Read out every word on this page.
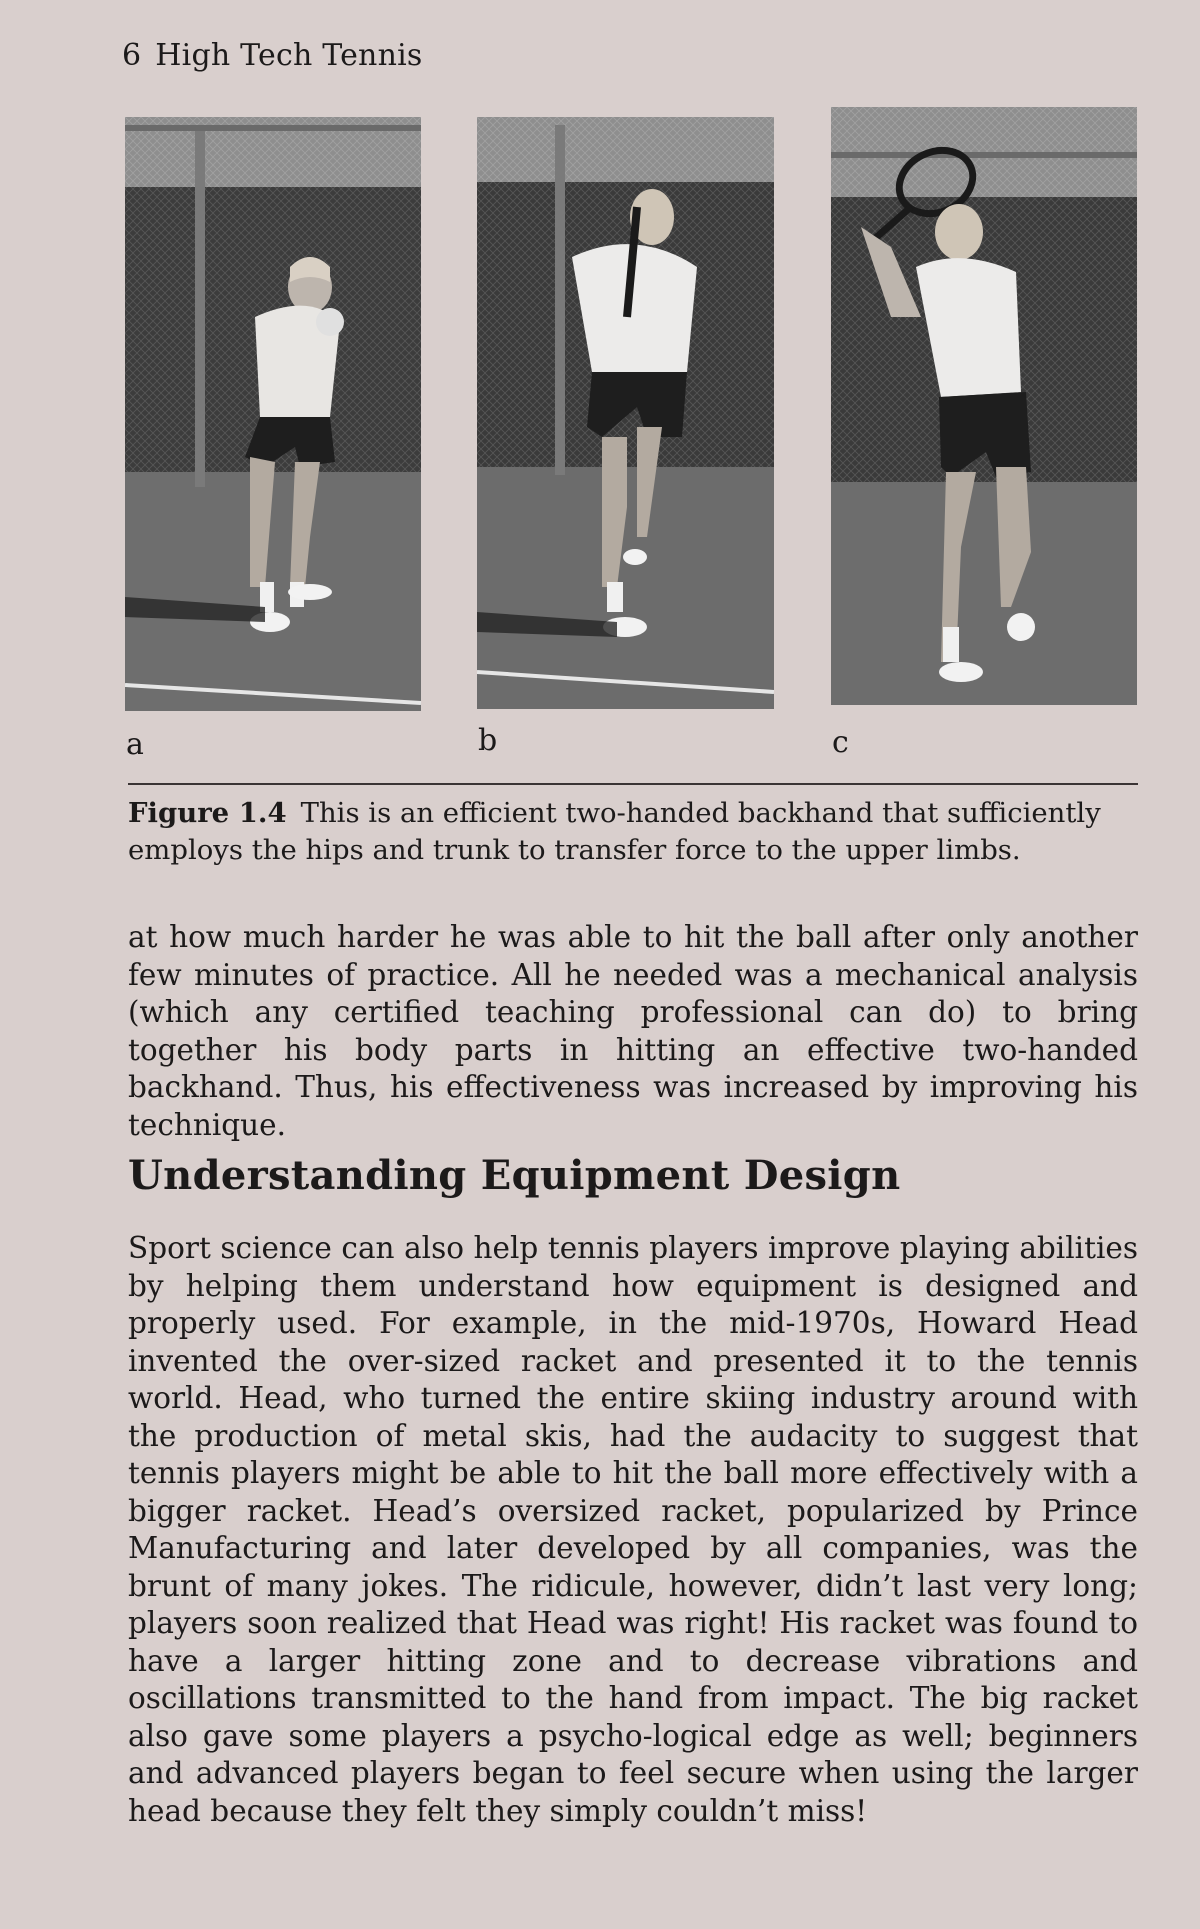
6 High Tech Tennis
a	b	c
Figure 1.4 This is an efficient two-handed backhand that sufficiently employs the hips and trunk to transfer force to the upper limbs.
at how much harder he was able to hit the ball after only another few minutes of practice. All he needed was a mechanical analysis (which any certified teaching professional can do) to bring together his body parts in hitting an effective two-handed backhand. Thus, his effectiveness was increased by improving his technique.
Understanding Equipment Design
Sport science can also help tennis players improve playing abilities by helping them understand how equipment is designed and properly used. For example, in the mid-1970s, Howard Head invented the over-sized racket and presented it to the tennis world. Head, who turned the entire skiing industry around with the production of metal skis, had the audacity to suggest that tennis players might be able to hit the ball more effectively with a bigger racket. Head’s oversized racket, popularized by Prince Manufacturing and later developed by all companies, was the brunt of many jokes. The ridicule, however, didn’t last very long; players soon realized that Head was right! His racket was found to have a larger hitting zone and to decrease vibrations and oscillations transmitted to the hand from impact. The big racket also gave some players a psycho-logical edge as well; beginners and advanced players began to feel secure when using the larger head because they felt they simply couldn’t miss!
